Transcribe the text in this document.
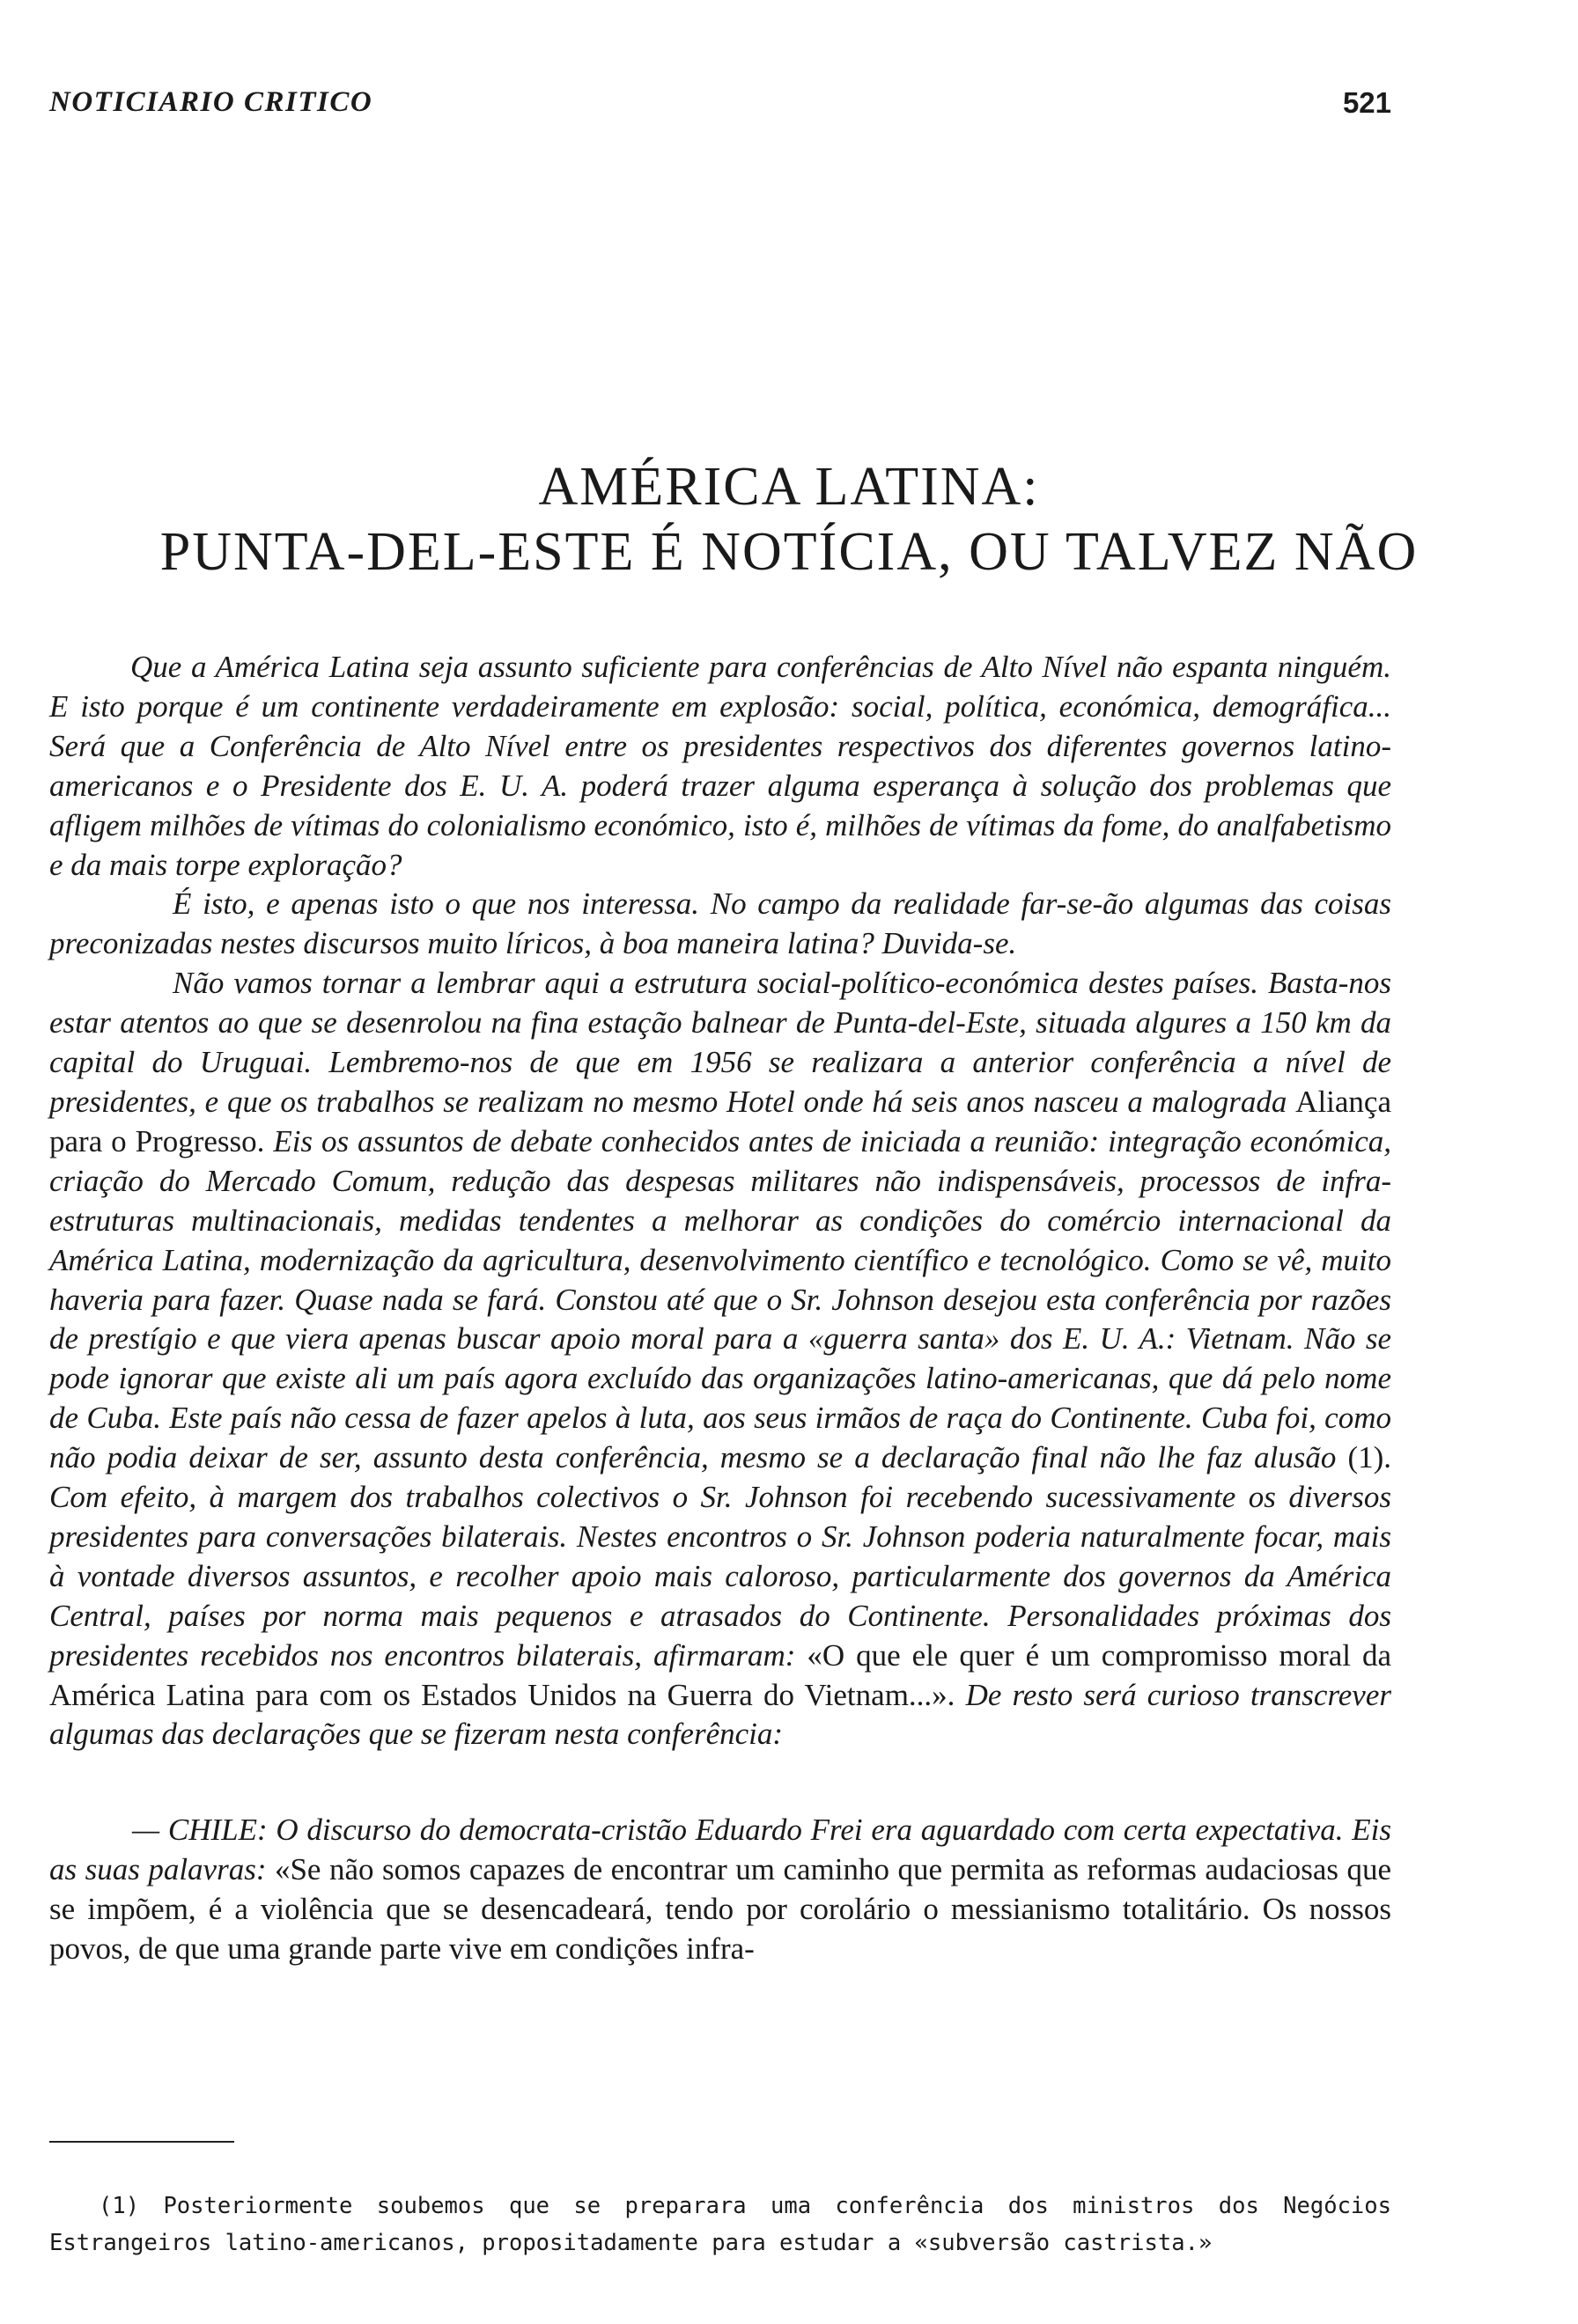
NOTICIARIO CRITICO	521
AMÉRICA LATINA:
PUNTA-DEL-ESTE É NOTÍCIA, OU TALVEZ NÃO

Que a América Latina seja assunto suficiente para conferências de Alto Nível não espanta ninguém. E isto porque é um continente verdadeiramente em explosão: social, política, económica, demográfica... Será que a Conferência de Alto Nível entre os presidentes respectivos dos diferentes governos latino-americanos e o Presidente dos E. U. A. poderá trazer alguma esperança à solução dos problemas que afligem milhões de vítimas do colonialismo económico, isto é, milhões de vítimas da fome, do analfabetismo e da mais torpe exploração?

É isto, e apenas isto o que nos interessa. No campo da realidade far-se-ão algumas das coisas preconizadas nestes discursos muito líricos, à boa maneira latina? Duvida-se.

Não vamos tornar a lembrar aqui a estrutura social-político-económica destes países. Basta-nos estar atentos ao que se desenrolou na fina estação balnear de Punta-del-Este, situada algures a 150 km da capital do Uruguai. Lembremo-nos de que em 1956 se realizara a anterior conferência a nível de presidentes, e que os trabalhos se realizam no mesmo Hotel onde há seis anos nasceu a malograda Aliança para o Progresso. Eis os assuntos de debate conhecidos antes de iniciada a reunião: integração económica, criação do Mercado Comum, redução das despesas militares não indispensáveis, processos de infra-estruturas multinacionais, medidas tendentes a melhorar as condições do comércio internacional da América Latina, modernização da agricultura, desenvolvimento científico e tecnológico. Como se vê, muito haveria para fazer. Quase nada se fará. Constou até que o Sr. Johnson desejou esta conferência por razões de prestígio e que viera apenas buscar apoio moral para a «guerra santa» dos E. U. A.: Vietnam. Não se pode ignorar que existe ali um país agora excluído das organizações latino-americanas, que dá pelo nome de Cuba. Este país não cessa de fazer apelos à luta, aos seus irmãos de raça do Continente. Cuba foi, como não podia deixar de ser, assunto desta conferência, mesmo se a declaração final não lhe faz alusão (1). Com efeito, à margem dos trabalhos colectivos o Sr. Johnson foi recebendo sucessivamente os diversos presidentes para conversações bilaterais. Nestes encontros o Sr. Johnson poderia naturalmente focar, mais à vontade diversos assuntos, e recolher apoio mais caloroso, particularmente dos governos da América Central, países por norma mais pequenos e atrasados do Continente. Personalidades próximas dos presidentes recebidos nos encontros bilaterais, afirmaram: «O que ele quer é um compromisso moral da América Latina para com os Estados Unidos na Guerra do Vietnam...». De resto será curioso transcrever algumas das declarações que se fizeram nesta conferência:

— CHILE: O discurso do democrata-cristão Eduardo Frei era aguardado com certa expectativa. Eis as suas palavras: «Se não somos capazes de encontrar um caminho que permita as reformas audaciosas que se impõem, é a violência que se desencadeará, tendo por corolário o messianismo totalitário. Os nossos povos, de que uma grande parte vive em condições infra-

(1) Posteriormente soubemos que se preparara uma conferência dos ministros dos Negócios Estrangeiros latino-americanos, propositadamente para estudar a «subversão castrista.»
